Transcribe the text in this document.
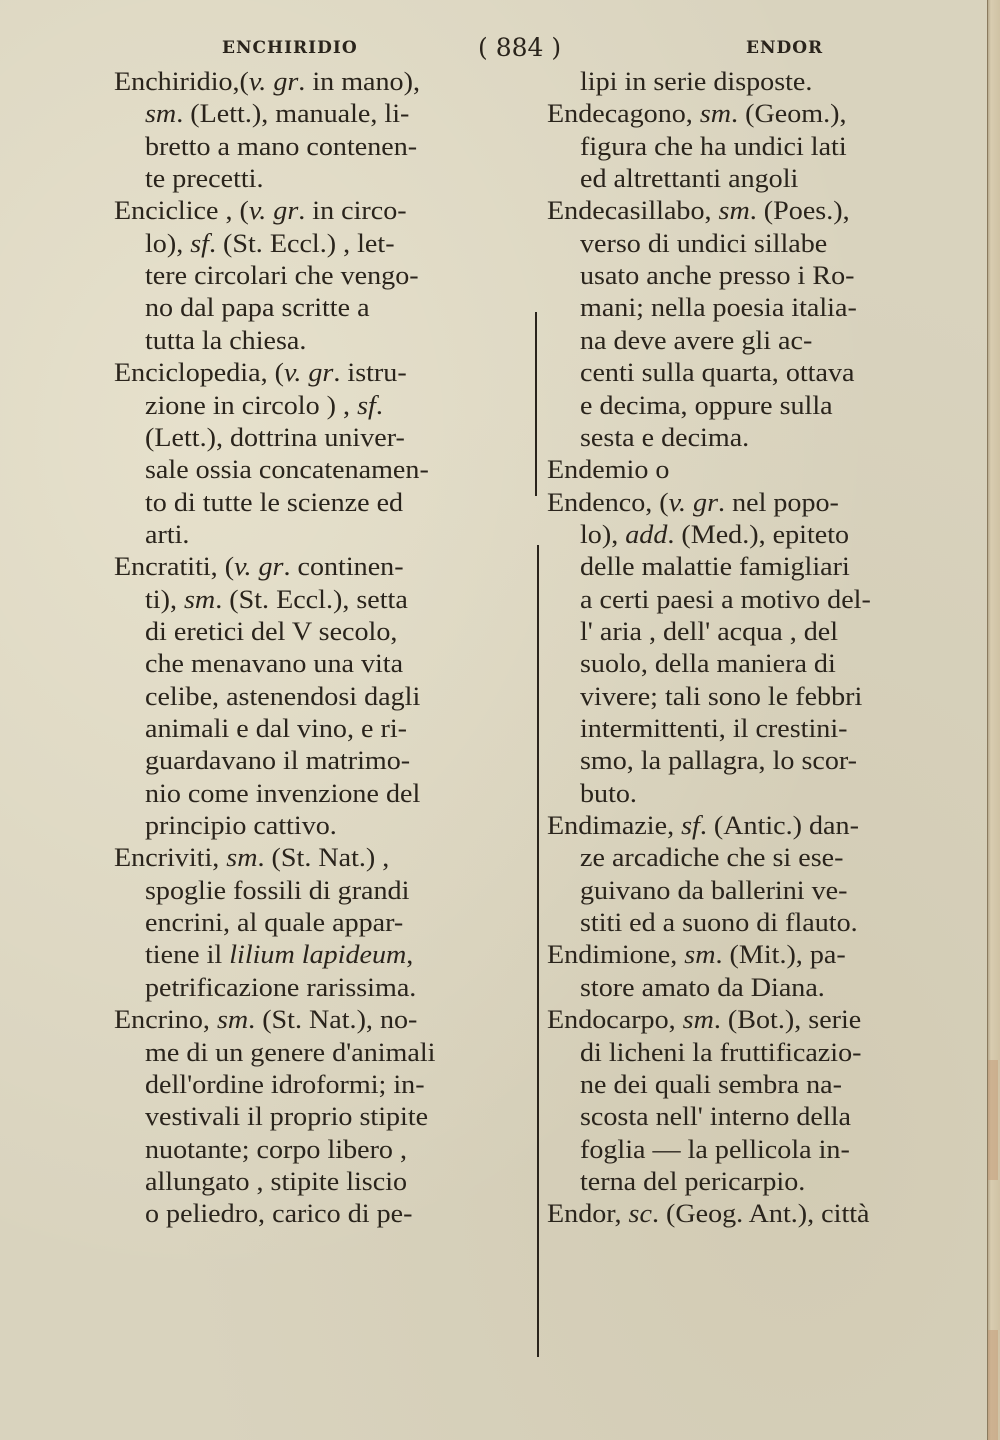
ENCHIRIDIO	( 884 )	ENDOR
Enchiridio,(v. gr. in mano),
sm. (Lett.), manuale, li-
bretto a mano contenen-
te precetti.
Enciclice , (v. gr. in circo-
lo), sf. (St. Eccl.) , let-
tere circolari che vengo-
no dal papa scritte a
tutta la chiesa.
Enciclopedia, (v. gr. istru-
zione in circolo ) , sf.
(Lett.), dottrina univer-
sale ossia concatenamen-
to di tutte le scienze ed
arti.
Encratiti, (v. gr. continen-
ti), sm. (St. Eccl.), setta
di eretici del V secolo,
che menavano una vita
celibe, astenendosi dagli
animali e dal vino, e ri-
guardavano il matrimo-
nio come invenzione del
principio cattivo.
Encriviti, sm. (St. Nat.) ,
spoglie fossili di grandi
encrini, al quale appar-
tiene il lilium lapideum,
petrificazione rarissima.
Encrino, sm. (St. Nat.), no-
me di un genere d'animali
dell'ordine idroformi; in-
vestivali il proprio stipite
nuotante; corpo libero ,
allungato , stipite liscio
o peliedro, carico di pe-
lipi in serie disposte.
Endecagono, sm. (Geom.),
figura che ha undici lati
ed altrettanti angoli
Endecasillabo, sm. (Poes.),
verso di undici sillabe
usato anche presso i Ro-
mani; nella poesia italia-
na deve avere gli ac-
centi sulla quarta, ottava
e decima, oppure sulla
sesta e decima.
Endemio o
Endenco, (v. gr. nel popo-
lo), add. (Med.), epiteto
delle malattie famigliari
a certi paesi a motivo del-
l' aria , dell' acqua , del
suolo, della maniera di
vivere; tali sono le febbri
intermittenti, il crestini-
smo, la pallagra, lo scor-
buto.
Endimazie, sf. (Antic.) dan-
ze arcadiche che si ese-
guivano da ballerini ve-
stiti ed a suono di flauto.
Endimione, sm. (Mit.), pa-
store amato da Diana.
Endocarpo, sm. (Bot.), serie
di licheni la fruttificazio-
ne dei quali sembra na-
scosta nell' interno della
foglia — la pellicola in-
terna del pericarpio.
Endor, sc. (Geog. Ant.), città
